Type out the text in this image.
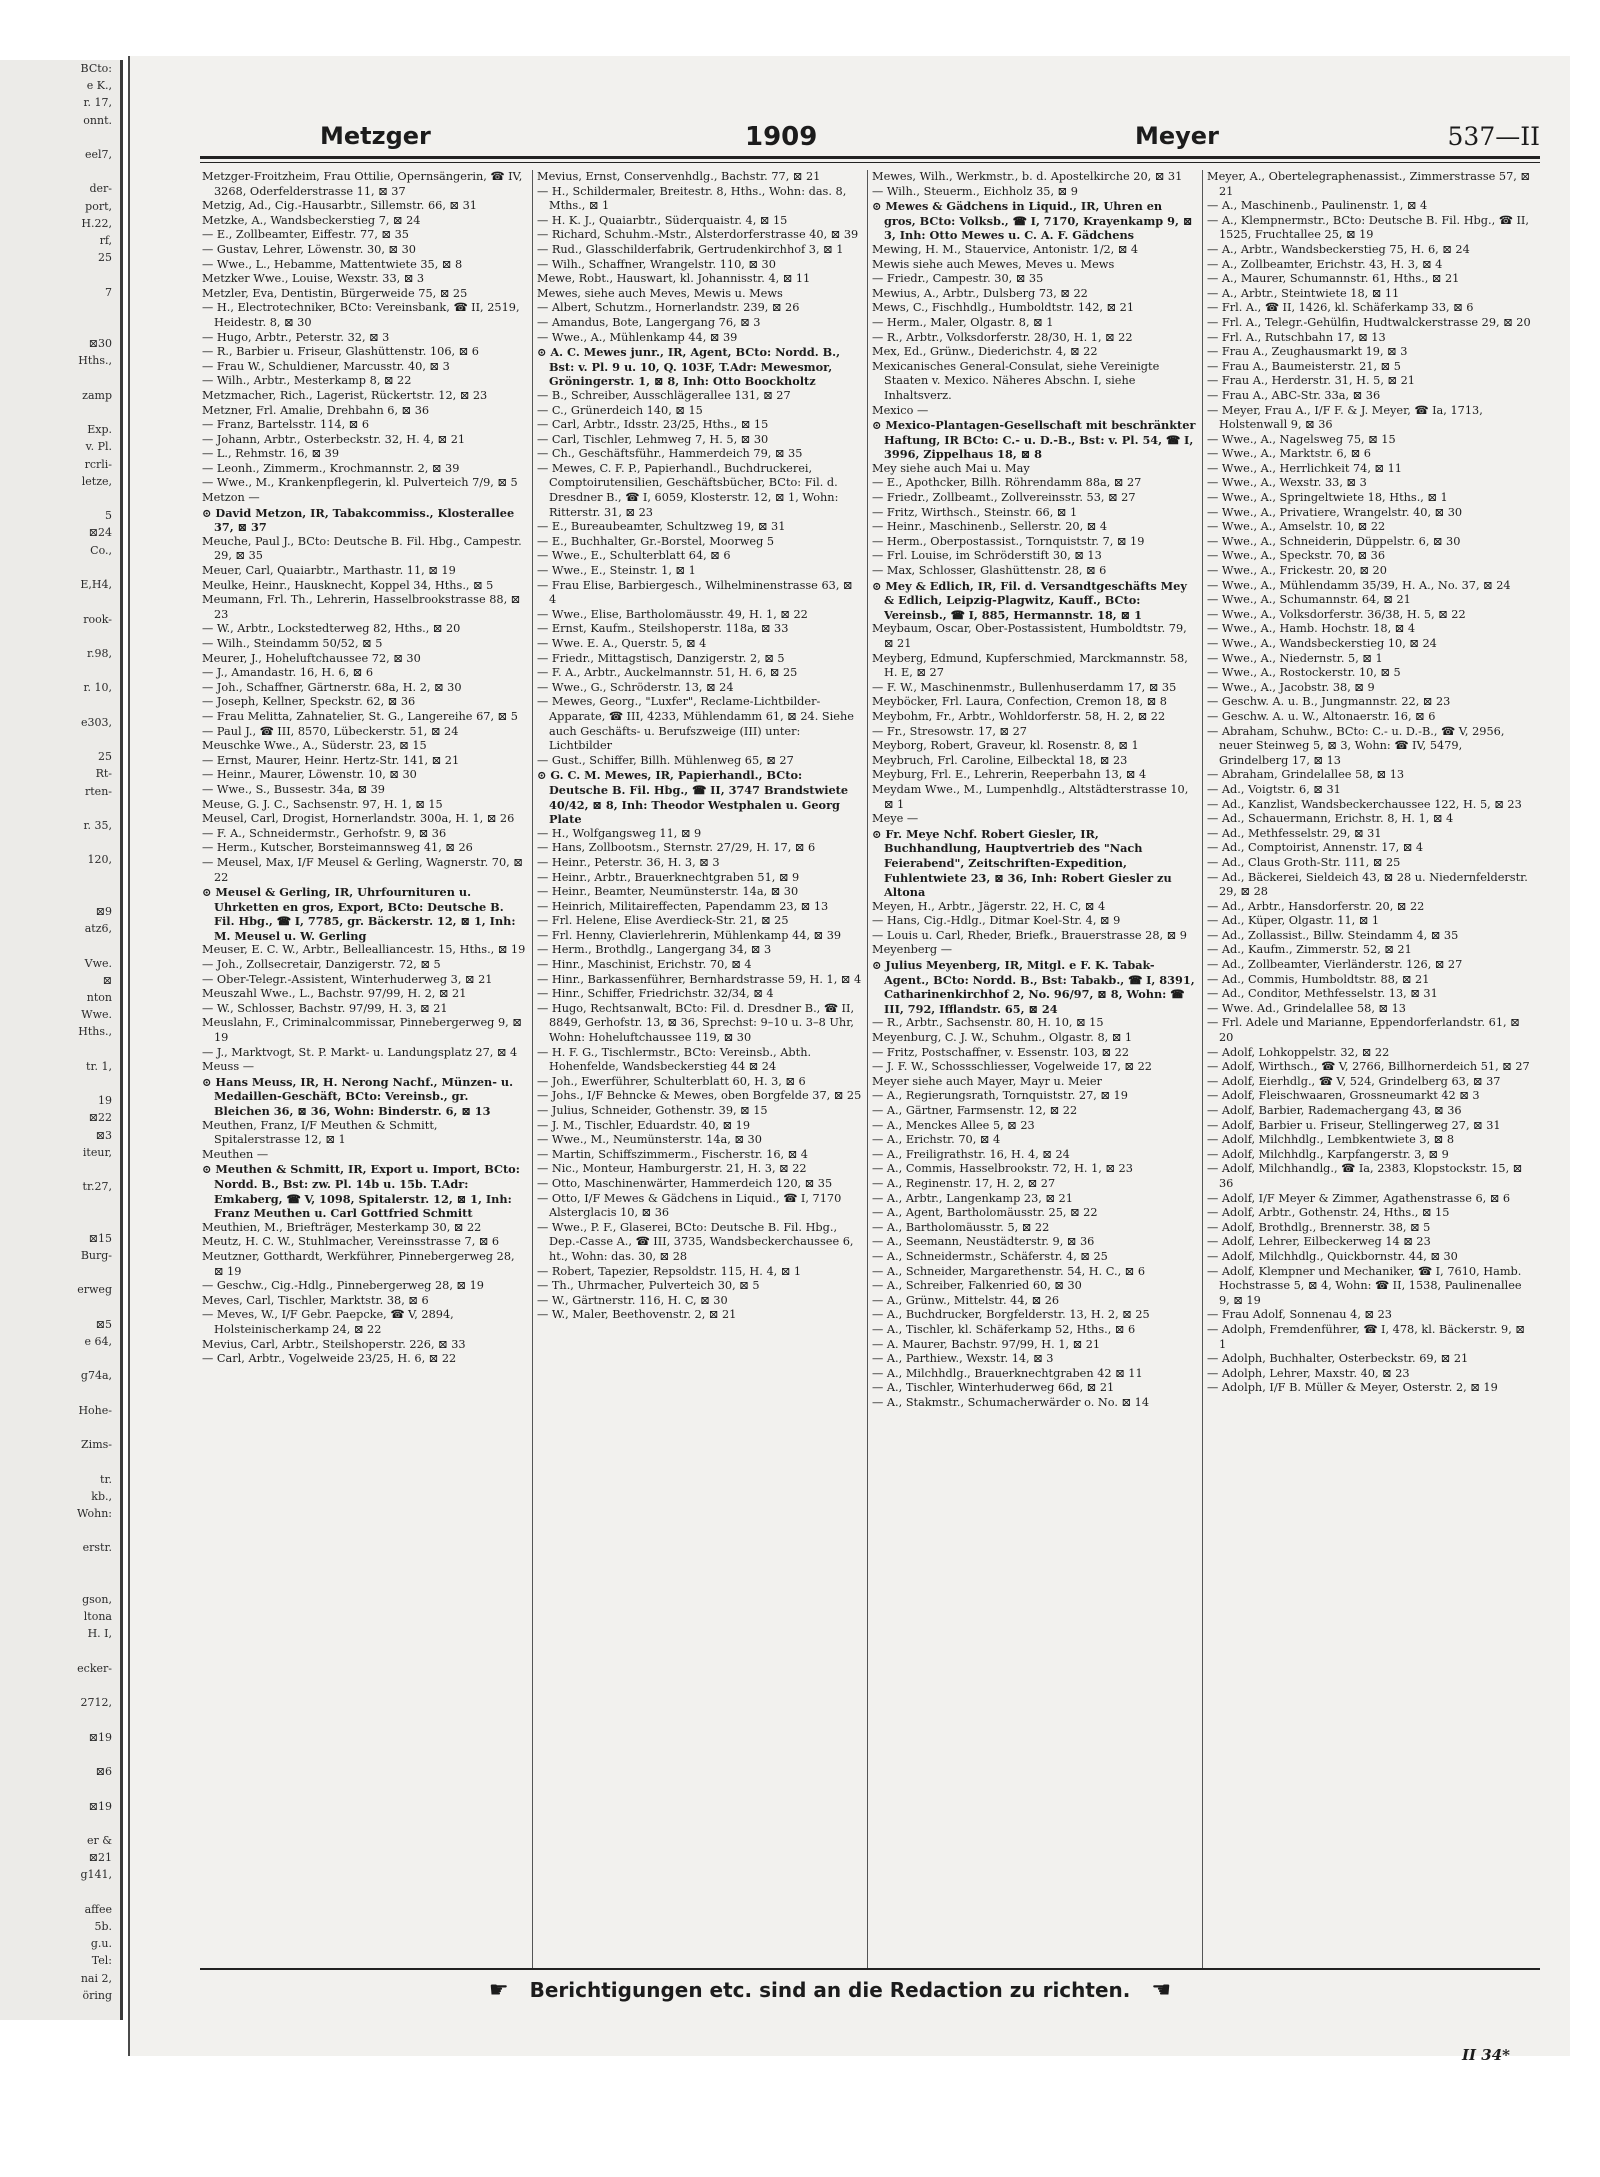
BCto:
e K.,
r. 17,
onnt.

eel7,

der-
port,
H.22,
rf,
25

7

⊠30
Hths.,

zamp

Exp.
v. Pl.
rcrli-
letze,

5
⊠24
Co.,

E,H4,

rook-

r.98,

r. 10,

e303,

25
Rt-
rten-

r. 35,

120,

⊠9
atz6,

Vwe.
⊠
nton
Wwe.
Hths.,

tr. 1,

19
⊠22
⊠3
iteur,

tr.27,

⊠15
Burg-

erweg

⊠5
e 64,

g74a,

Hohe-

Zims-

tr.
kb.,
Wohn:

erstr.

gson,
ltona
H. I,

ecker-

2712,

⊠19

⊠6

⊠19

er &
⊠21
g141,

affee
5b.
g.u.
Tel:
nai 2,
öring
Metzger	1909	Meyer	537—II
Metzger-Froitzheim, Frau Ottilie, Opernsängerin, ☎ IV, 3268, Oderfelderstrasse 11, ⊠ 37
Metzig, Ad., Cig.-Hausarbtr., Sillemstr. 66, ⊠ 31
Metzke, A., Wandsbeckerstieg 7, ⊠ 24
— E., Zollbeamter, Eiffestr. 77, ⊠ 35
— Gustav, Lehrer, Löwenstr. 30, ⊠ 30
— Wwe., L., Hebamme, Mattentwiete 35, ⊠ 8
Metzker Wwe., Louise, Wexstr. 33, ⊠ 3
Metzler, Eva, Dentistin, Bürgerweide 75, ⊠ 25
— H., Electrotechniker, BCto: Vereinsbank, ☎ II, 2519, Heidestr. 8, ⊠ 30
— Hugo, Arbtr., Peterstr. 32, ⊠ 3
— R., Barbier u. Friseur, Glashüttenstr. 106, ⊠ 6
— Frau W., Schuldiener, Marcusstr. 40, ⊠ 3
— Wilh., Arbtr., Mesterkamp 8, ⊠ 22
Metzmacher, Rich., Lagerist, Rückertstr. 12, ⊠ 23
Metzner, Frl. Amalie, Drehbahn 6, ⊠ 36
— Franz, Bartelsstr. 114, ⊠ 6
— Johann, Arbtr., Osterbeckstr. 32, H. 4, ⊠ 21
— L., Rehmstr. 16, ⊠ 39
— Leonh., Zimmerm., Krochmannstr. 2, ⊠ 39
— Wwe., M., Krankenpflegerin, kl. Pulverteich 7/9, ⊠ 5
Metzon —
⊙ David Metzon, IR, Tabakcommiss., Klosterallee 37, ⊠ 37
Meuche, Paul J., BCto: Deutsche B. Fil. Hbg., Campestr. 29, ⊠ 35
Meuer, Carl, Quaiarbtr., Marthastr. 11, ⊠ 19
Meulke, Heinr., Hausknecht, Koppel 34, Hths., ⊠ 5
Meumann, Frl. Th., Lehrerin, Hasselbrookstrasse 88, ⊠ 23
— W., Arbtr., Lockstedterweg 82, Hths., ⊠ 20
— Wilh., Steindamm 50/52, ⊠ 5
Meurer, J., Hoheluftchaussee 72, ⊠ 30
— J., Amandastr. 16, H. 6, ⊠ 6
— Joh., Schaffner, Gärtnerstr. 68a, H. 2, ⊠ 30
— Joseph, Kellner, Speckstr. 62, ⊠ 36
— Frau Melitta, Zahnatelier, St. G., Langereihe 67, ⊠ 5
— Paul J., ☎ III, 8570, Lübeckerstr. 51, ⊠ 24
Meuschke Wwe., A., Süderstr. 23, ⊠ 15
— Ernst, Maurer, Heinr. Hertz-Str. 141, ⊠ 21
— Heinr., Maurer, Löwenstr. 10, ⊠ 30
— Wwe., S., Bussestr. 34a, ⊠ 39
Meuse, G. J. C., Sachsenstr. 97, H. 1, ⊠ 15
Meusel, Carl, Drogist, Hornerlandstr. 300a, H. 1, ⊠ 26
— F. A., Schneidermstr., Gerhofstr. 9, ⊠ 36
— Herm., Kutscher, Borsteimannsweg 41, ⊠ 26
— Meusel, Max, I/F Meusel & Gerling, Wagnerstr. 70, ⊠ 22
⊙ Meusel & Gerling, IR, Uhrfournituren u. Uhrketten en gros, Export, BCto: Deutsche B. Fil. Hbg., ☎ I, 7785, gr. Bäckerstr. 12, ⊠ 1, Inh: M. Meusel u. W. Gerling
Meuser, E. C. W., Arbtr., Bellealliancestr. 15, Hths., ⊠ 19
— Joh., Zollsecretair, Danzigerstr. 72, ⊠ 5
— Ober-Telegr.-Assistent, Winterhuderweg 3, ⊠ 21
Meuszahl Wwe., L., Bachstr. 97/99, H. 2, ⊠ 21
— W., Schlosser, Bachstr. 97/99, H. 3, ⊠ 21
Meuslahn, F., Criminalcommissar, Pinnebergerweg 9, ⊠ 19
— J., Marktvogt, St. P. Markt- u. Landungsplatz 27, ⊠ 4
Meuss —
⊙ Hans Meuss, IR, H. Nerong Nachf., Münzen- u. Medaillen-Geschäft, BCto: Vereinsb., gr. Bleichen 36, ⊠ 36, Wohn: Binderstr. 6, ⊠ 13
Meuthen, Franz, I/F Meuthen & Schmitt, Spitalerstrasse 12, ⊠ 1
Meuthen —
⊙ Meuthen & Schmitt, IR, Export u. Import, BCto: Nordd. B., Bst: zw. Pl. 14b u. 15b. T.Adr: Emkaberg, ☎ V, 1098, Spitalerstr. 12, ⊠ 1, Inh: Franz Meuthen u. Carl Gottfried Schmitt
Meuthien, M., Briefträger, Mesterkamp 30, ⊠ 22
Meutz, H. C. W., Stuhlmacher, Vereinsstrasse 7, ⊠ 6
Meutzner, Gotthardt, Werkführer, Pinnebergerweg 28, ⊠ 19
— Geschw., Cig.-Hdlg., Pinnebergerweg 28, ⊠ 19
Meves, Carl, Tischler, Marktstr. 38, ⊠ 6
— Meves, W., I/F Gebr. Paepcke, ☎ V, 2894, Holsteinischerkamp 24, ⊠ 22
Mevius, Carl, Arbtr., Steilshoperstr. 226, ⊠ 33
— Carl, Arbtr., Vogelweide 23/25, H. 6, ⊠ 22
Mevius, Ernst, Conservenhdlg., Bachstr. 77, ⊠ 21
— H., Schildermaler, Breitestr. 8, Hths., Wohn: das. 8, Mths., ⊠ 1
— H. K. J., Quaiarbtr., Süderquaistr. 4, ⊠ 15
— Richard, Schuhm.-Mstr., Alsterdorferstrasse 40, ⊠ 39
— Rud., Glasschilderfabrik, Gertrudenkirchhof 3, ⊠ 1
— Wilh., Schaffner, Wrangelstr. 110, ⊠ 30
Mewe, Robt., Hauswart, kl. Johannisstr. 4, ⊠ 11
Mewes, siehe auch Meves, Mewis u. Mews
— Albert, Schutzm., Hornerlandstr. 239, ⊠ 26
— Amandus, Bote, Langergang 76, ⊠ 3
— Wwe., A., Mühlenkamp 44, ⊠ 39
⊙ A. C. Mewes junr., IR, Agent, BCto: Nordd. B., Bst: v. Pl. 9 u. 10, Q. 103F, T.Adr: Mewesmor, Gröningerstr. 1, ⊠ 8, Inh: Otto Boockholtz
— B., Schreiber, Ausschlägerallee 131, ⊠ 27
— C., Grünerdeich 140, ⊠ 15
— Carl, Arbtr., Idsstr. 23/25, Hths., ⊠ 15
— Carl, Tischler, Lehmweg 7, H. 5, ⊠ 30
— Ch., Geschäftsführ., Hammerdeich 79, ⊠ 35
— Mewes, C. F. P., Papierhandl., Buchdruckerei, Comptoirutensilien, Geschäftsbücher, BCto: Fil. d. Dresdner B., ☎ I, 6059, Klosterstr. 12, ⊠ 1, Wohn: Ritterstr. 31, ⊠ 23
— E., Bureaubeamter, Schultzweg 19, ⊠ 31
— E., Buchhalter, Gr.-Borstel, Moorweg 5
— Wwe., E., Schulterblatt 64, ⊠ 6
— Wwe., E., Steinstr. 1, ⊠ 1
— Frau Elise, Barbiergesch., Wilhelminenstrasse 63, ⊠ 4
— Wwe., Elise, Bartholomäusstr. 49, H. 1, ⊠ 22
— Ernst, Kaufm., Steilshoperstr. 118a, ⊠ 33
— Wwe. E. A., Querstr. 5, ⊠ 4
— Friedr., Mittagstisch, Danzigerstr. 2, ⊠ 5
— F. A., Arbtr., Auckelmannstr. 51, H. 6, ⊠ 25
— Wwe., G., Schröderstr. 13, ⊠ 24
— Mewes, Georg., "Luxfer", Reclame-Lichtbilder-Apparate, ☎ III, 4233, Mühlendamm 61, ⊠ 24. Siehe auch Geschäfts- u. Berufszweige (III) unter: Lichtbilder
— Gust., Schiffer, Billh. Mühlenweg 65, ⊠ 27
⊙ G. C. M. Mewes, IR, Papierhandl., BCto: Deutsche B. Fil. Hbg., ☎ II, 3747 Brandstwiete 40/42, ⊠ 8, Inh: Theodor Westphalen u. Georg Plate
— H., Wolfgangsweg 11, ⊠ 9
— Hans, Zollbootsm., Sternstr. 27/29, H. 17, ⊠ 6
— Heinr., Peterstr. 36, H. 3, ⊠ 3
— Heinr., Arbtr., Brauerknechtgraben 51, ⊠ 9
— Heinr., Beamter, Neumünsterstr. 14a, ⊠ 30
— Heinrich, Militaireffecten, Papendamm 23, ⊠ 13
— Frl. Helene, Elise Averdieck-Str. 21, ⊠ 25
— Frl. Henny, Clavierlehrerin, Mühlenkamp 44, ⊠ 39
— Herm., Brothdlg., Langergang 34, ⊠ 3
— Hinr., Maschinist, Erichstr. 70, ⊠ 4
— Hinr., Barkassenführer, Bernhardstrasse 59, H. 1, ⊠ 4
— Hinr., Schiffer, Friedrichstr. 32/34, ⊠ 4
— Hugo, Rechtsanwalt, BCto: Fil. d. Dresdner B., ☎ II, 8849, Gerhofstr. 13, ⊠ 36, Sprechst: 9–10 u. 3–8 Uhr, Wohn: Hoheluftchaussee 119, ⊠ 30
— H. F. G., Tischlermstr., BCto: Vereinsb., Abth. Hohenfelde, Wandsbeckerstieg 44 ⊠ 24
— Joh., Ewerführer, Schulterblatt 60, H. 3, ⊠ 6
— Johs., I/F Behncke & Mewes, oben Borgfelde 37, ⊠ 25
— Julius, Schneider, Gothenstr. 39, ⊠ 15
— J. M., Tischler, Eduardstr. 40, ⊠ 19
— Wwe., M., Neumünsterstr. 14a, ⊠ 30
— Martin, Schiffszimmerm., Fischerstr. 16, ⊠ 4
— Nic., Monteur, Hamburgerstr. 21, H. 3, ⊠ 22
— Otto, Maschinenwärter, Hammerdeich 120, ⊠ 35
— Otto, I/F Mewes & Gädchens in Liquid., ☎ I, 7170 Alsterglacis 10, ⊠ 36
— Wwe., P. F., Glaserei, BCto: Deutsche B. Fil. Hbg., Dep.-Casse A., ☎ III, 3735, Wandsbeckerchaussee 6, ht., Wohn: das. 30, ⊠ 28
— Robert, Tapezier, Repsoldstr. 115, H. 4, ⊠ 1
— Th., Uhrmacher, Pulverteich 30, ⊠ 5
— W., Gärtnerstr. 116, H. C, ⊠ 30
— W., Maler, Beethovenstr. 2, ⊠ 21
Mewes, Wilh., Werkmstr., b. d. Apostelkirche 20, ⊠ 31
— Wilh., Steuerm., Eichholz 35, ⊠ 9
⊙ Mewes & Gädchens in Liquid., IR, Uhren en gros, BCto: Volksb., ☎ I, 7170, Krayenkamp 9, ⊠ 3, Inh: Otto Mewes u. C. A. F. Gädchens
Mewing, H. M., Stauervice, Antonistr. 1/2, ⊠ 4
Mewis siehe auch Mewes, Meves u. Mews
— Friedr., Campestr. 30, ⊠ 35
Mewius, A., Arbtr., Dulsberg 73, ⊠ 22
Mews, C., Fischhdlg., Humboldtstr. 142, ⊠ 21
— Herm., Maler, Olgastr. 8, ⊠ 1
— R., Arbtr., Volksdorferstr. 28/30, H. 1, ⊠ 22
Mex, Ed., Grünw., Diederichstr. 4, ⊠ 22
Mexicanisches General-Consulat, siehe Vereinigte Staaten v. Mexico. Näheres Abschn. I, siehe Inhaltsverz.
Mexico —
⊙ Mexico-Plantagen-Gesellschaft mit beschränkter Haftung, IR BCto: C.- u. D.-B., Bst: v. Pl. 54, ☎ I, 3996, Zippelhaus 18, ⊠ 8
Mey siehe auch Mai u. May
— E., Apothcker, Billh. Röhrendamm 88a, ⊠ 27
— Friedr., Zollbeamt., Zollvereinsstr. 53, ⊠ 27
— Fritz, Wirthsch., Steinstr. 66, ⊠ 1
— Heinr., Maschinenb., Sellerstr. 20, ⊠ 4
— Herm., Oberpostassist., Tornquiststr. 7, ⊠ 19
— Frl. Louise, im Schröderstift 30, ⊠ 13
— Max, Schlosser, Glashüttenstr. 28, ⊠ 6
⊙ Mey & Edlich, IR, Fil. d. Versandtgeschäfts Mey & Edlich, Leipzig-Plagwitz, Kauff., BCto: Vereinsb., ☎ I, 885, Hermannstr. 18, ⊠ 1
Meybaum, Oscar, Ober-Postassistent, Humboldtstr. 79, ⊠ 21
Meyberg, Edmund, Kupferschmied, Marckmannstr. 58, H. E, ⊠ 27
— F. W., Maschinenmstr., Bullenhuserdamm 17, ⊠ 35
Meyböcker, Frl. Laura, Confection, Cremon 18, ⊠ 8
Meybohm, Fr., Arbtr., Wohldorferstr. 58, H. 2, ⊠ 22
— Fr., Stresowstr. 17, ⊠ 27
Meyborg, Robert, Graveur, kl. Rosenstr. 8, ⊠ 1
Meybruch, Frl. Caroline, Eilbecktal 18, ⊠ 23
Meyburg, Frl. E., Lehrerin, Reeperbahn 13, ⊠ 4
Meydam Wwe., M., Lumpenhdlg., Altstädterstrasse 10, ⊠ 1
Meye —
⊙ Fr. Meye Nchf. Robert Giesler, IR, Buchhandlung, Hauptvertrieb des "Nach Feierabend", Zeitschriften-Expedition, Fuhlentwiete 23, ⊠ 36, Inh: Robert Giesler zu Altona
Meyen, H., Arbtr., Jägerstr. 22, H. C, ⊠ 4
— Hans, Cig.-Hdlg., Ditmar Koel-Str. 4, ⊠ 9
— Louis u. Carl, Rheder, Briefk., Brauerstrasse 28, ⊠ 9
Meyenberg —
⊙ Julius Meyenberg, IR, Mitgl. e F. K. Tabak-Agent., BCto: Nordd. B., Bst: Tabakb., ☎ I, 8391, Catharinenkirchhof 2, No. 96/97, ⊠ 8, Wohn: ☎ III, 792, Ifflandstr. 65, ⊠ 24
— R., Arbtr., Sachsenstr. 80, H. 10, ⊠ 15
Meyenburg, C. J. W., Schuhm., Olgastr. 8, ⊠ 1
— Fritz, Postschaffner, v. Essenstr. 103, ⊠ 22
— J. F. W., Schossschliesser, Vogelweide 17, ⊠ 22
Meyer siehe auch Mayer, Mayr u. Meier
— A., Regierungsrath, Tornquiststr. 27, ⊠ 19
— A., Gärtner, Farmsenstr. 12, ⊠ 22
— A., Menckes Allee 5, ⊠ 23
— A., Erichstr. 70, ⊠ 4
— A., Freiligrathstr. 16, H. 4, ⊠ 24
— A., Commis, Hasselbrookstr. 72, H. 1, ⊠ 23
— A., Reginenstr. 17, H. 2, ⊠ 27
— A., Arbtr., Langenkamp 23, ⊠ 21
— A., Agent, Bartholomäusstr. 25, ⊠ 22
— A., Bartholomäusstr. 5, ⊠ 22
— A., Seemann, Neustädterstr. 9, ⊠ 36
— A., Schneidermstr., Schäferstr. 4, ⊠ 25
— A., Schneider, Margarethenstr. 54, H. C., ⊠ 6
— A., Schreiber, Falkenried 60, ⊠ 30
— A., Grünw., Mittelstr. 44, ⊠ 26
— A., Buchdrucker, Borgfelderstr. 13, H. 2, ⊠ 25
— A., Tischler, kl. Schäferkamp 52, Hths., ⊠ 6
— A. Maurer, Bachstr. 97/99, H. 1, ⊠ 21
— A., Parthiew., Wexstr. 14, ⊠ 3
— A., Milchhdlg., Brauerknechtgraben 42 ⊠ 11
— A., Tischler, Winterhuderweg 66d, ⊠ 21
— A., Stakmstr., Schumacherwärder o. No. ⊠ 14
Meyer, A., Obertelegraphenassist., Zimmerstrasse 57, ⊠ 21
— A., Maschinenb., Paulinenstr. 1, ⊠ 4
— A., Klempnermstr., BCto: Deutsche B. Fil. Hbg., ☎ II, 1525, Fruchtallee 25, ⊠ 19
— A., Arbtr., Wandsbeckerstieg 75, H. 6, ⊠ 24
— A., Zollbeamter, Erichstr. 43, H. 3, ⊠ 4
— A., Maurer, Schumannstr. 61, Hths., ⊠ 21
— A., Arbtr., Steintwiete 18, ⊠ 11
— Frl. A., ☎ II, 1426, kl. Schäferkamp 33, ⊠ 6
— Frl. A., Telegr.-Gehülfin, Hudtwalckerstrasse 29, ⊠ 20
— Frl. A., Rutschbahn 17, ⊠ 13
— Frau A., Zeughausmarkt 19, ⊠ 3
— Frau A., Baumeisterstr. 21, ⊠ 5
— Frau A., Herderstr. 31, H. 5, ⊠ 21
— Frau A., ABC-Str. 33a, ⊠ 36
— Meyer, Frau A., I/F F. & J. Meyer, ☎ Ia, 1713, Holstenwall 9, ⊠ 36
— Wwe., A., Nagelsweg 75, ⊠ 15
— Wwe., A., Marktstr. 6, ⊠ 6
— Wwe., A., Herrlichkeit 74, ⊠ 11
— Wwe., A., Wexstr. 33, ⊠ 3
— Wwe., A., Springeltwiete 18, Hths., ⊠ 1
— Wwe., A., Privatiere, Wrangelstr. 40, ⊠ 30
— Wwe., A., Amselstr. 10, ⊠ 22
— Wwe., A., Schneiderin, Düppelstr. 6, ⊠ 30
— Wwe., A., Speckstr. 70, ⊠ 36
— Wwe., A., Frickestr. 20, ⊠ 20
— Wwe., A., Mühlendamm 35/39, H. A., No. 37, ⊠ 24
— Wwe., A., Schumannstr. 64, ⊠ 21
— Wwe., A., Volksdorferstr. 36/38, H. 5, ⊠ 22
— Wwe., A., Hamb. Hochstr. 18, ⊠ 4
— Wwe., A., Wandsbeckerstieg 10, ⊠ 24
— Wwe., A., Niedernstr. 5, ⊠ 1
— Wwe., A., Rostockerstr. 10, ⊠ 5
— Wwe., A., Jacobstr. 38, ⊠ 9
— Geschw. A. u. B., Jungmannstr. 22, ⊠ 23
— Geschw. A. u. W., Altonaerstr. 16, ⊠ 6
— Abraham, Schuhw., BCto: C.- u. D.-B., ☎ V, 2956, neuer Steinweg 5, ⊠ 3, Wohn: ☎ IV, 5479, Grindelberg 17, ⊠ 13
— Abraham, Grindelallee 58, ⊠ 13
— Ad., Voigtstr. 6, ⊠ 31
— Ad., Kanzlist, Wandsbeckerchaussee 122, H. 5, ⊠ 23
— Ad., Schauermann, Erichstr. 8, H. 1, ⊠ 4
— Ad., Methfesselstr. 29, ⊠ 31
— Ad., Comptoirist, Annenstr. 17, ⊠ 4
— Ad., Claus Groth-Str. 111, ⊠ 25
— Ad., Bäckerei, Sieldeich 43, ⊠ 28 u. Niedernfelderstr. 29, ⊠ 28
— Ad., Arbtr., Hansdorferstr. 20, ⊠ 22
— Ad., Küper, Olgastr. 11, ⊠ 1
— Ad., Zollassist., Billw. Steindamm 4, ⊠ 35
— Ad., Kaufm., Zimmerstr. 52, ⊠ 21
— Ad., Zollbeamter, Vierländerstr. 126, ⊠ 27
— Ad., Commis, Humboldtstr. 88, ⊠ 21
— Ad., Conditor, Methfesselstr. 13, ⊠ 31
— Wwe. Ad., Grindelallee 58, ⊠ 13
— Frl. Adele und Marianne, Eppendorferlandstr. 61, ⊠ 20
— Adolf, Lohkoppelstr. 32, ⊠ 22
— Adolf, Wirthsch., ☎ V, 2766, Billhornerdeich 51, ⊠ 27
— Adolf, Eierhdlg., ☎ V, 524, Grindelberg 63, ⊠ 37
— Adolf, Fleischwaaren, Grossneumarkt 42 ⊠ 3
— Adolf, Barbier, Rademachergang 43, ⊠ 36
— Adolf, Barbier u. Friseur, Stellingerweg 27, ⊠ 31
— Adolf, Milchhdlg., Lembkentwiete 3, ⊠ 8
— Adolf, Milchhdlg., Karpfangerstr. 3, ⊠ 9
— Adolf, Milchhandlg., ☎ Ia, 2383, Klopstockstr. 15, ⊠ 36
— Adolf, I/F Meyer & Zimmer, Agathenstrasse 6, ⊠ 6
— Adolf, Arbtr., Gothenstr. 24, Hths., ⊠ 15
— Adolf, Brothdlg., Brennerstr. 38, ⊠ 5
— Adolf, Lehrer, Eilbeckerweg 14 ⊠ 23
— Adolf, Milchhdlg., Quickbornstr. 44, ⊠ 30
— Adolf, Klempner und Mechaniker, ☎ I, 7610, Hamb. Hochstrasse 5, ⊠ 4, Wohn: ☎ II, 1538, Paulinenallee 9, ⊠ 19
— Frau Adolf, Sonnenau 4, ⊠ 23
— Adolph, Fremdenführer, ☎ I, 478, kl. Bäckerstr. 9, ⊠ 1
— Adolph, Buchhalter, Osterbeckstr. 69, ⊠ 21
— Adolph, Lehrer, Maxstr. 40, ⊠ 23
— Adolph, I/F B. Müller & Meyer, Osterstr. 2, ⊠ 19
☛ Berichtigungen etc. sind an die Redaction zu richten. ☚
II 34*
